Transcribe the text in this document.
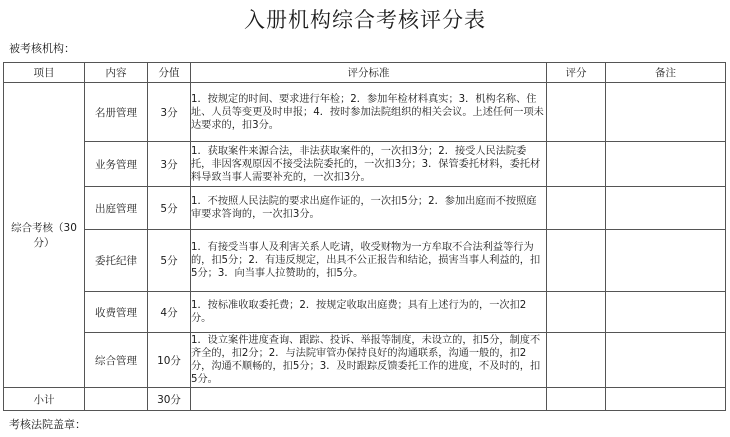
入册机构综合考核评分表
被考核机构：
项目	内容	分值	评分标准	评分	备注
综合考核（30分）	名册管理	3分	1．按规定的时间、要求进行年检；2．参加年检材料真实；3．机构名称、住址、人员等变更及时申报；4．按时参加法院组织的相关会议。上述任何一项未达要求的，扣3分。		
	业务管理	3分	1．获取案件来源合法，非法获取案件的，一次扣3分；2．接受人民法院委托，非因客观原因不接受法院委托的，一次扣3分；3．保管委托材料，委托材料导致当事人需要补充的，一次扣3分。		
	出庭管理	5分	1．不按照人民法院的要求出庭作证的，一次扣5分；2．参加出庭而不按照庭审要求答询的，一次扣3分。		
	委托纪律	5分	1．有接受当事人及利害关系人吃请，收受财物为一方牟取不合法利益等行为的，扣5分；2．有违反规定，出具不公正报告和结论，损害当事人利益的，扣5分；3．向当事人拉赞助的，扣5分。		
	收费管理	4分	1．按标准收取委托费；2．按规定收取出庭费；具有上述行为的，一次扣2分。		
	综合管理	10分	1．设立案件进度查询、跟踪、投诉、举报等制度，未设立的，扣5分，制度不齐全的，扣2分；2．与法院审管办保持良好的沟通联系，沟通一般的，扣2分，沟通不顺畅的，扣5分；3．及时跟踪反馈委托工作的进度，不及时的，扣5分。		
小计		30分			
考核法院盖章：
